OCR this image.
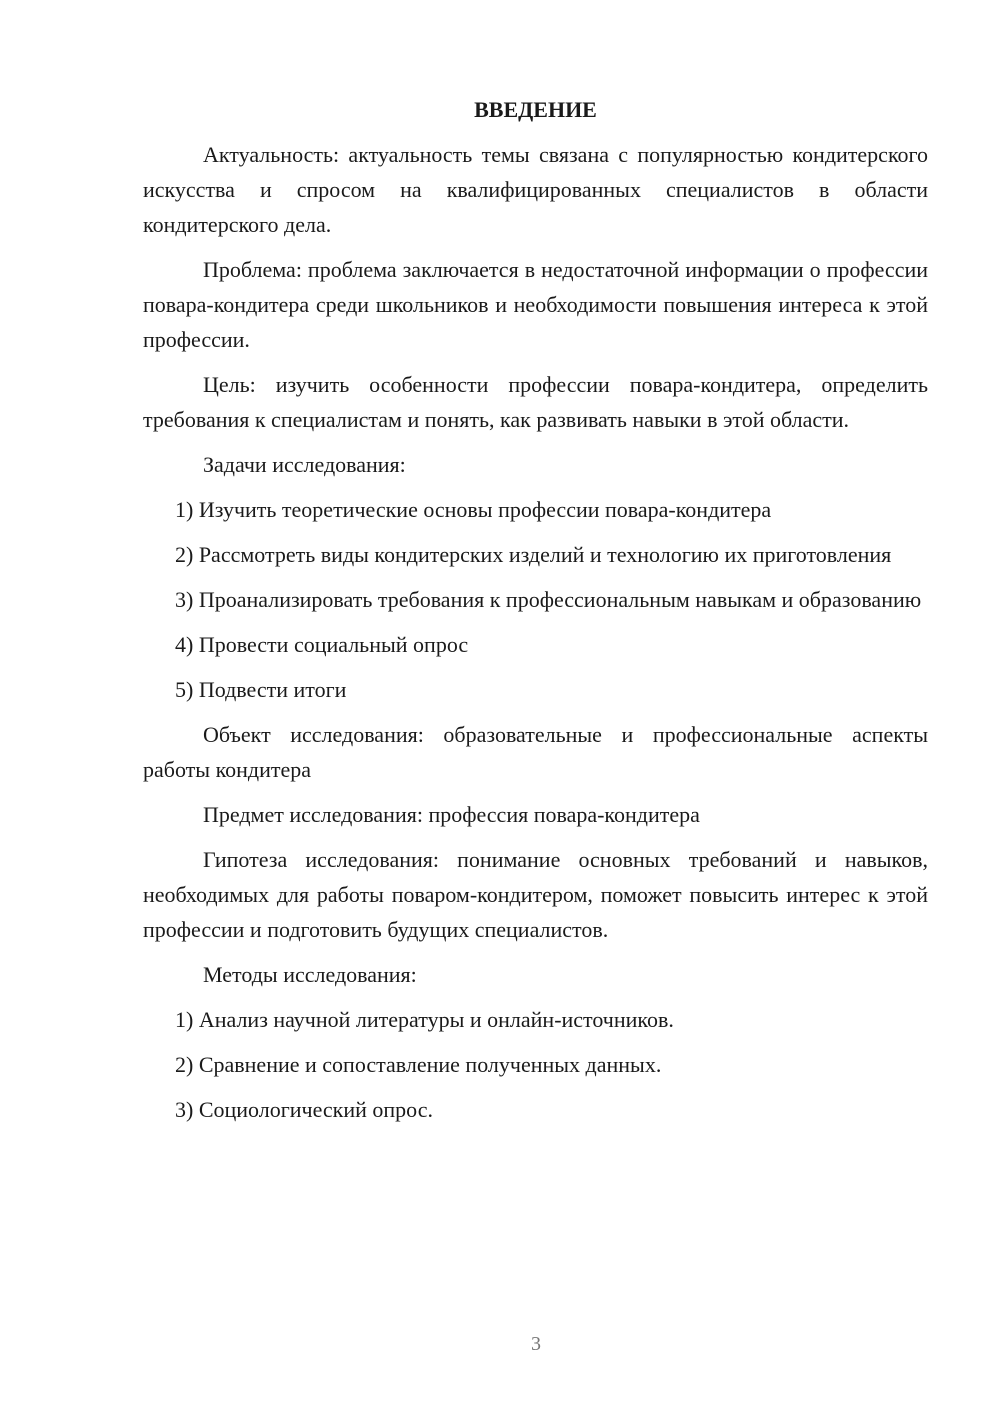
ВВЕДЕНИЕ

Актуальность: актуальность темы связана с популярностью кондитерского искусства и спросом на квалифицированных специалистов в области кондитерского дела.

Проблема: проблема заключается в недостаточной информации о профессии повара-кондитера среди школьников и необходимости повышения интереса к этой профессии.

Цель: изучить особенности профессии повара-кондитера, определить требования к специалистам и понять, как развивать навыки в этой области.

Задачи исследования:

1) Изучить теоретические основы профессии повара-кондитера

2) Рассмотреть виды кондитерских изделий и технологию их приготовления

3) Проанализировать требования к профессиональным навыкам и образованию

4) Провести социальный опрос

5) Подвести итоги

Объект исследования: образовательные и профессиональные аспекты работы кондитера

Предмет исследования: профессия повара-кондитера

Гипотеза исследования: понимание основных требований и навыков, необходимых для работы поваром-кондитером, поможет повысить интерес к этой профессии и подготовить будущих специалистов.

Методы исследования:

1) Анализ научной литературы и онлайн-источников.

2) Сравнение и сопоставление полученных данных.

3) Социологический опрос.

3
